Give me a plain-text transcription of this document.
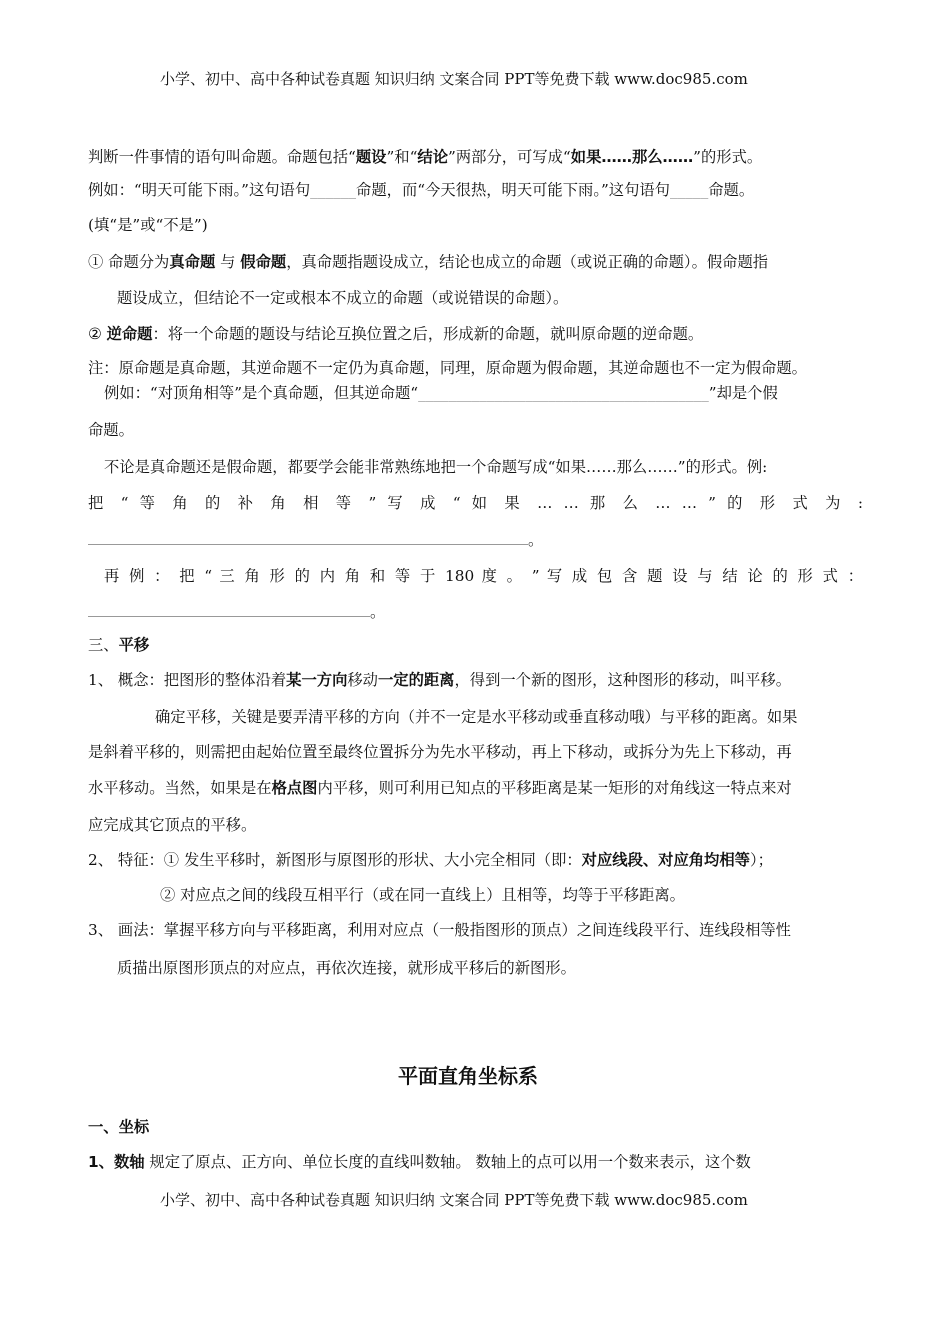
小学、初中、高中各种试卷真题 知识归纳 文案合同 PPT等免费下载 www.doc985.com
判断一件事情的语句叫命题。命题包括“题设”和“结论”两部分，可写成“如果……那么……”的形式。
例如：“明天可能下雨。”这句语句______命题，而“今天很热，明天可能下雨。”这句语句_____命题。
(填“是”或“不是”)
① 命题分为真命题 与 假命题，真命题指题设成立，结论也成立的命题（或说正确的命题）。假命题指
题设成立，但结论不一定或根本不成立的命题（或说错误的命题）。
② 逆命题：将一个命题的题设与结论互换位置之后，形成新的命题，就叫原命题的逆命题。
注：原命题是真命题，其逆命题不一定仍为真命题，同理，原命题为假命题，其逆命题也不一定为假命题。
例如：“对顶角相等”是个真命题，但其逆命题“______________________________________”却是个假
命题。
不论是真命题还是假命题，都要学会能非常熟练地把一个命题写成“如果……那么……”的形式。例:
把 “ 等 角 的 补 角 相 等 ” 写 成 “ 如 果 … … 那 么 … … ” 的 形 式 为 :
。
再 例 ： 把 “ 三 角 形 的 内 角 和 等 于 180 度 。 ” 写 成 包 含 题 设 与 结 论 的 形 式 ：
。
三、平移
1、 概念：把图形的整体沿着某一方向移动一定的距离，得到一个新的图形，这种图形的移动，叫平移。
确定平移，关键是要弄清平移的方向（并不一定是水平移动或垂直移动哦）与平移的距离。如果
是斜着平移的，则需把由起始位置至最终位置拆分为先水平移动，再上下移动，或拆分为先上下移动，再
水平移动。当然，如果是在格点图内平移，则可利用已知点的平移距离是某一矩形的对角线这一特点来对
应完成其它顶点的平移。
2、 特征：① 发生平移时，新图形与原图形的形状、大小完全相同（即：对应线段、对应角均相等）；
② 对应点之间的线段互相平行（或在同一直线上）且相等，均等于平移距离。
3、 画法：掌握平移方向与平移距离，利用对应点（一般指图形的顶点）之间连线段平行、连线段相等性
质描出原图形顶点的对应点，再依次连接，就形成平移后的新图形。
一、坐标
1、数轴 规定了原点、正方向、单位长度的直线叫数轴。 数轴上的点可以用一个数来表示，这个数
平面直角坐标系
小学、初中、高中各种试卷真题 知识归纳 文案合同 PPT等免费下载 www.doc985.com
